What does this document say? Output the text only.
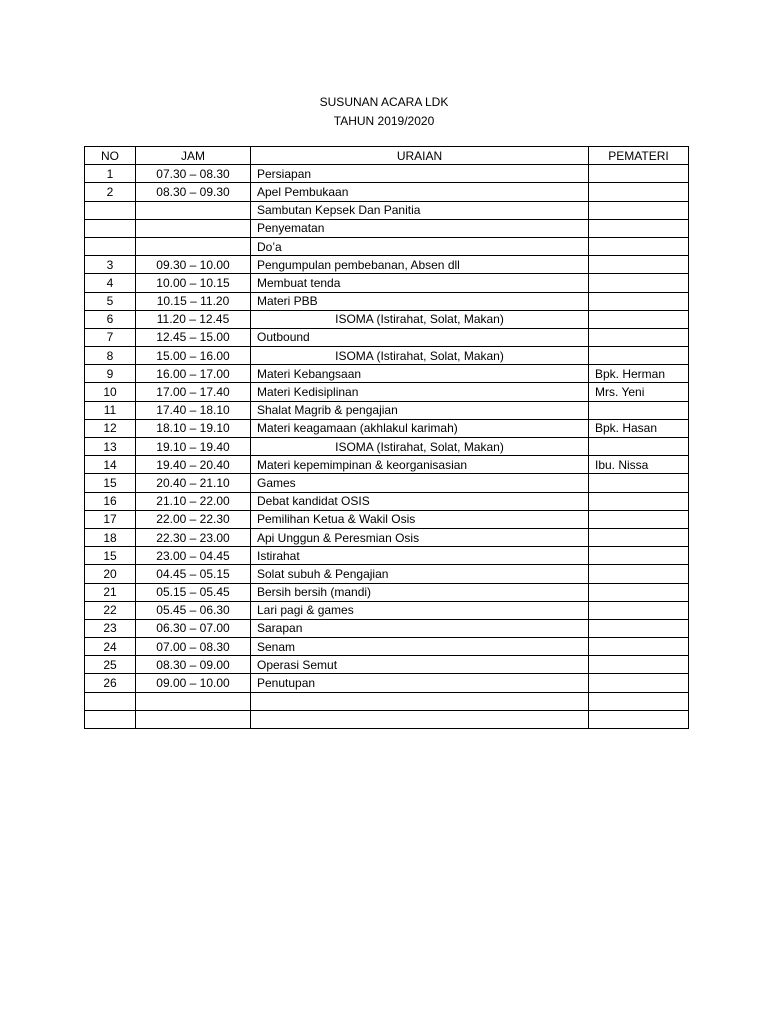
SUSUNAN ACARA LDK
TAHUN 2019/2020
NO	JAM	URAIAN	PEMATERI
1	07.30 – 08.30	Persiapan	
2	08.30 – 09.30	Apel Pembukaan	
		Sambutan Kepsek Dan Panitia	
		Penyematan	
		Do’a	
3	09.30 – 10.00	Pengumpulan pembebanan, Absen dll	
4	10.00 – 10.15	Membuat tenda	
5	10.15 – 11.20	Materi PBB	
6	11.20 – 12.45	ISOMA (Istirahat, Solat, Makan)	
7	12.45 – 15.00	Outbound	
8	15.00 – 16.00	ISOMA (Istirahat, Solat, Makan)	
9	16.00 – 17.00	Materi Kebangsaan	Bpk. Herman
10	17.00 – 17.40	Materi Kedisiplinan	Mrs. Yeni
11	17.40 – 18.10	Shalat Magrib & pengajian	
12	18.10 – 19.10	Materi keagamaan (akhlakul karimah)	Bpk. Hasan
13	19.10 – 19.40	ISOMA (Istirahat, Solat, Makan)	
14	19.40 – 20.40	Materi kepemimpinan & keorganisasian	Ibu. Nissa
15	20.40 – 21.10	Games	
16	21.10 – 22.00	Debat kandidat OSIS	
17	22.00 – 22.30	Pemilihan Ketua & Wakil Osis	
18	22.30 – 23.00	Api Unggun & Peresmian Osis	
15	23.00 – 04.45	Istirahat	
20	04.45 – 05.15	Solat subuh & Pengajian	
21	05.15 – 05.45	Bersih bersih (mandi)	
22	05.45 – 06.30	Lari pagi & games	
23	06.30 – 07.00	Sarapan	
24	07.00 – 08.30	Senam	
25	08.30 – 09.00	Operasi Semut	
26	09.00 – 10.00	Penutupan	
